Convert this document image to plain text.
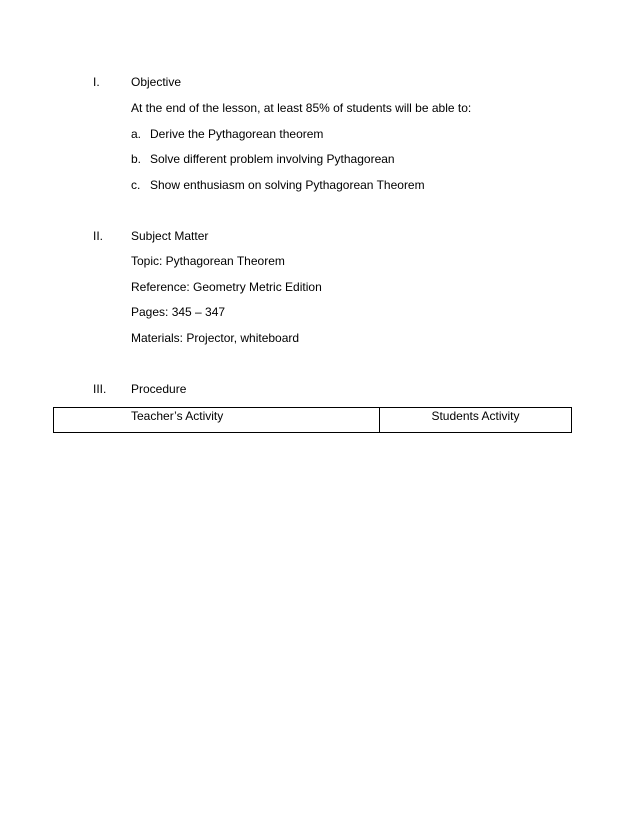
I.	Objective
At the end of the lesson, at least 85% of students will be able to:
a. Derive the Pythagorean theorem
b. Solve different problem involving Pythagorean
c. Show enthusiasm on solving Pythagorean Theorem
II. Subject Matter
Topic: Pythagorean Theorem
Reference: Geometry Metric Edition
Pages: 345 – 347
Materials: Projector, whiteboard
III. Procedure
Teacher’s Activity	Students Activity
